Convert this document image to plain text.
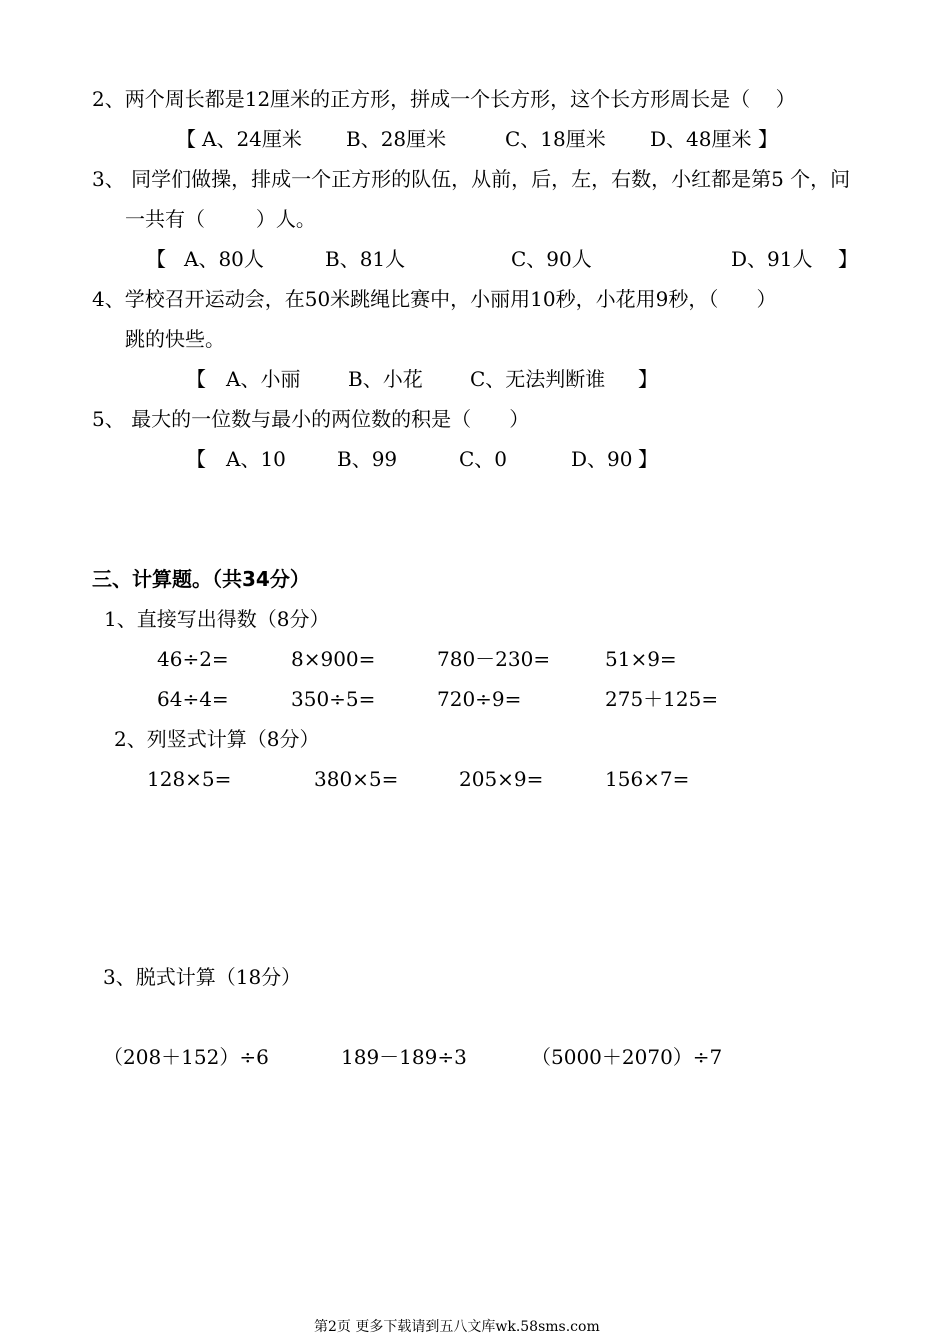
2、两个周长都是12厘米的正方形，拼成一个长方形，这个长方形周长是（    ）
【 A、24厘米 B、28厘米	C、18厘米 D、48厘米 】
3、 同学们做操，排成一个正方形的队伍，从前，后，左，右数，小红都是第5 个，问
一共有（        ）人。
【 A、80人	B、81人	C、90人	D、91人 】
4、学校召开运动会，在50米跳绳比赛中，小丽用10秒，小花用9秒，（      ）
跳的快些。
【 A、小丽 B、小花 C、无法判断谁 】
5、 最大的一位数与最小的两位数的积是（      ）
【 A、10	B、99	C、0	D、90 】
三、计算题。（共34分）
1、直接写出得数（8分）
46÷2=	8×900=	780－230=	51×9=
64÷4=	350÷5=	720÷9=	275＋125=
2、列竖式计算（8分）
128×5=	380×5=	205×9=	156×7=
3、脱式计算（18分）
（208＋152）÷6	189－189÷3	（5000＋2070）÷7
第2页 更多下载请到五八文库wk.58sms.com
